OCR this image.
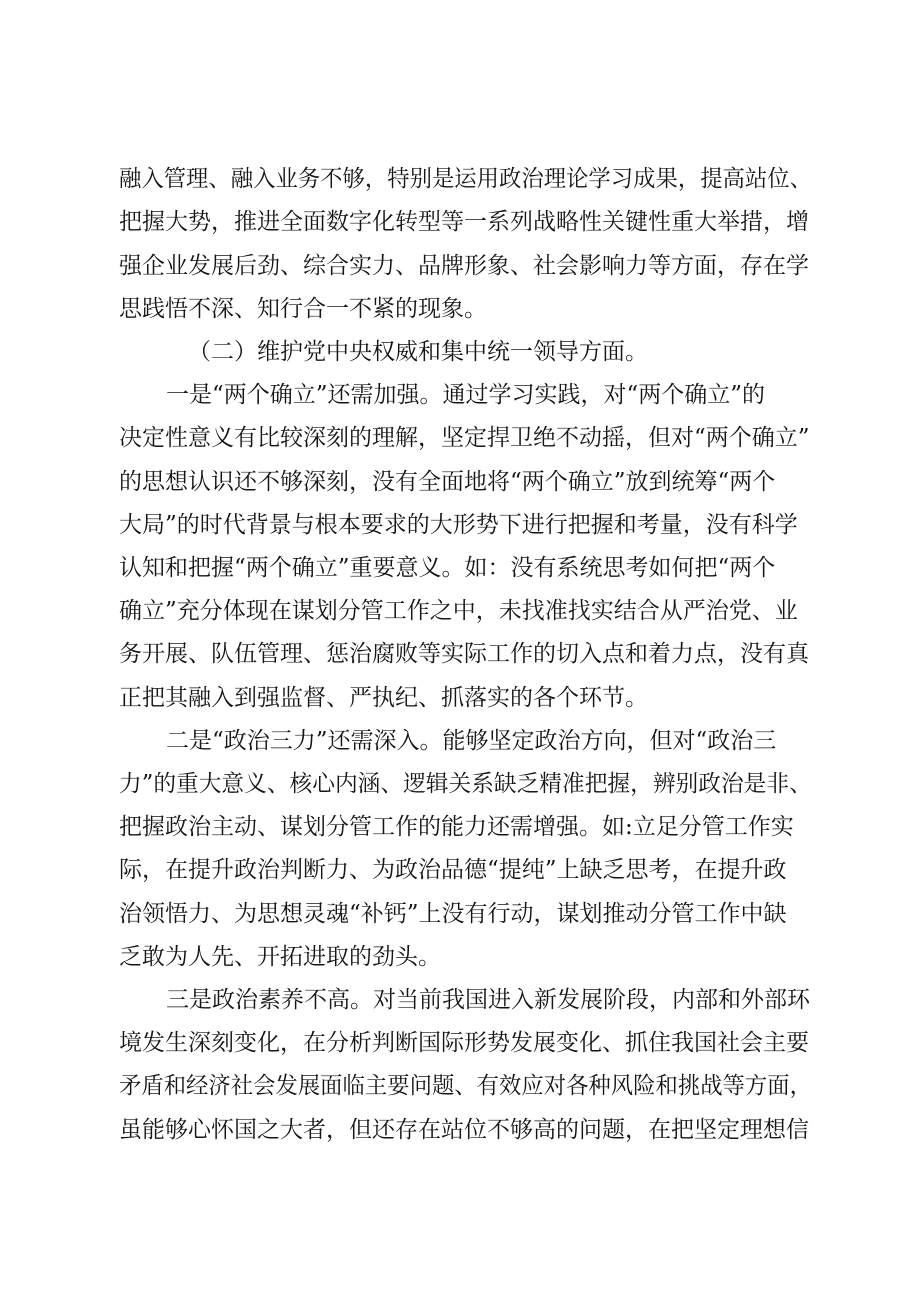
融入管理、融入业务不够，特别是运用政治理论学习成果，提高站位、
把握大势，推进全面数字化转型等一系列战略性关键性重大举措，增
强企业发展后劲、综合实力、品牌形象、社会影响力等方面，存在学
思践悟不深、知行合一不紧的现象。
（二）维护党中央权威和集中统一领导方面。
一是“两个确立”还需加强。通过学习实践，对“两个确立”的
决定性意义有比较深刻的理解，坚定捍卫绝不动摇，但对“两个确立”
的思想认识还不够深刻，没有全面地将“两个确立”放到统筹“两个
大局”的时代背景与根本要求的大形势下进行把握和考量，没有科学
认知和把握“两个确立”重要意义。如：没有系统思考如何把“两个
确立”充分体现在谋划分管工作之中，未找准找实结合从严治党、业
务开展、队伍管理、惩治腐败等实际工作的切入点和着力点，没有真
正把其融入到强监督、严执纪、抓落实的各个环节。
二是“政治三力”还需深入。能够坚定政治方向，但对“政治三
力”的重大意义、核心内涵、逻辑关系缺乏精准把握，辨别政治是非、
把握政治主动、谋划分管工作的能力还需增强。如:立足分管工作实
际，在提升政治判断力、为政治品德“提纯”上缺乏思考，在提升政
治领悟力、为思想灵魂“补钙”上没有行动，谋划推动分管工作中缺
乏敢为人先、开拓进取的劲头。
三是政治素养不高。对当前我国进入新发展阶段，内部和外部环
境发生深刻变化，在分析判断国际形势发展变化、抓住我国社会主要
矛盾和经济社会发展面临主要问题、有效应对各种风险和挑战等方面，
虽能够心怀国之大者，但还存在站位不够高的问题，在把坚定理想信
